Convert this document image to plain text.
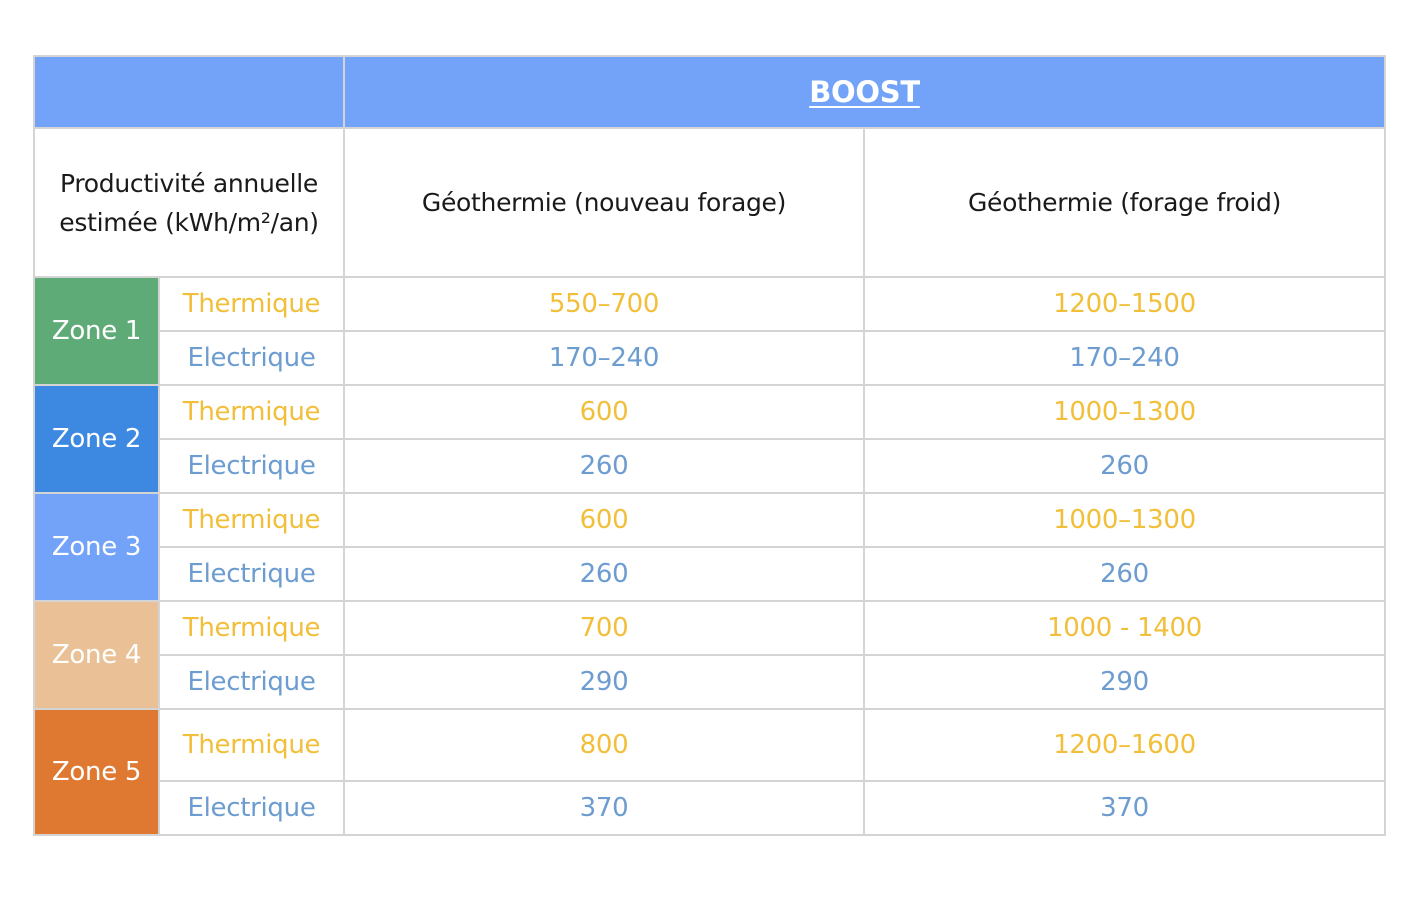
		BOOST	
Productivité annuelle
estimée (kWh/m²/an)		Géothermie (nouveau forage)	Géothermie (forage froid)
Zone 1	Thermique	550–700	1200–1500
	Electrique	170–240	170–240
Zone 2	Thermique	600	1000–1300
	Electrique	260	260
Zone 3	Thermique	600	1000–1300
	Electrique	260	260
Zone 4	Thermique	700	1000 - 1400
	Electrique	290	290
Zone 5	Thermique	800	1200–1600
	Electrique	370	370
